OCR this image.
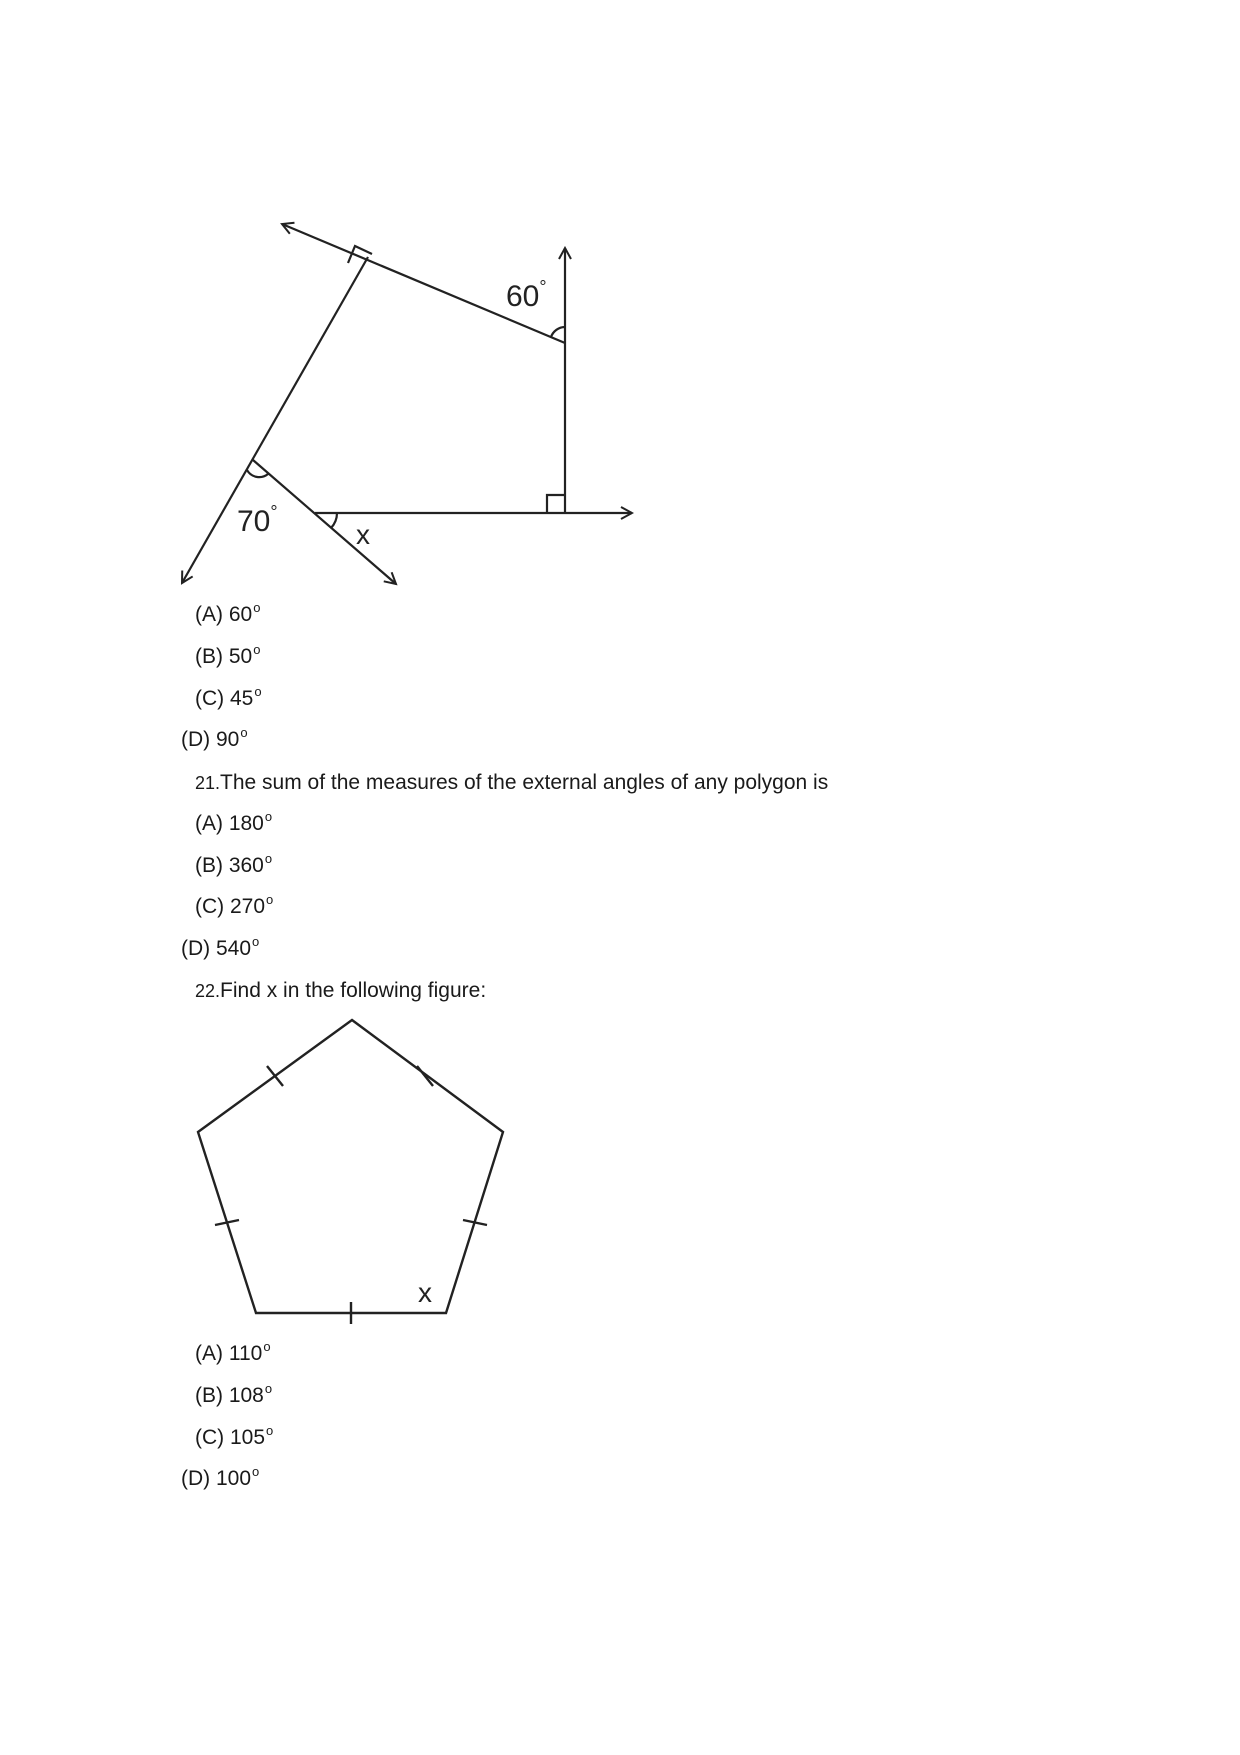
60°
70°
x
(A) 60$^o$
(B) 50$^o$
(C) 45$^o$
(D) 90$^o$
21.The sum of the measures of the external angles of any polygon is
(A) 180$^o$
(B) 360$^o$
(C) 270$^o$
(D) 540$^o$
22.Find x in the following figure:
x
(A) 110$^o$
(B) 108$^o$
(C) 105$^o$
(D) 100$^o$
